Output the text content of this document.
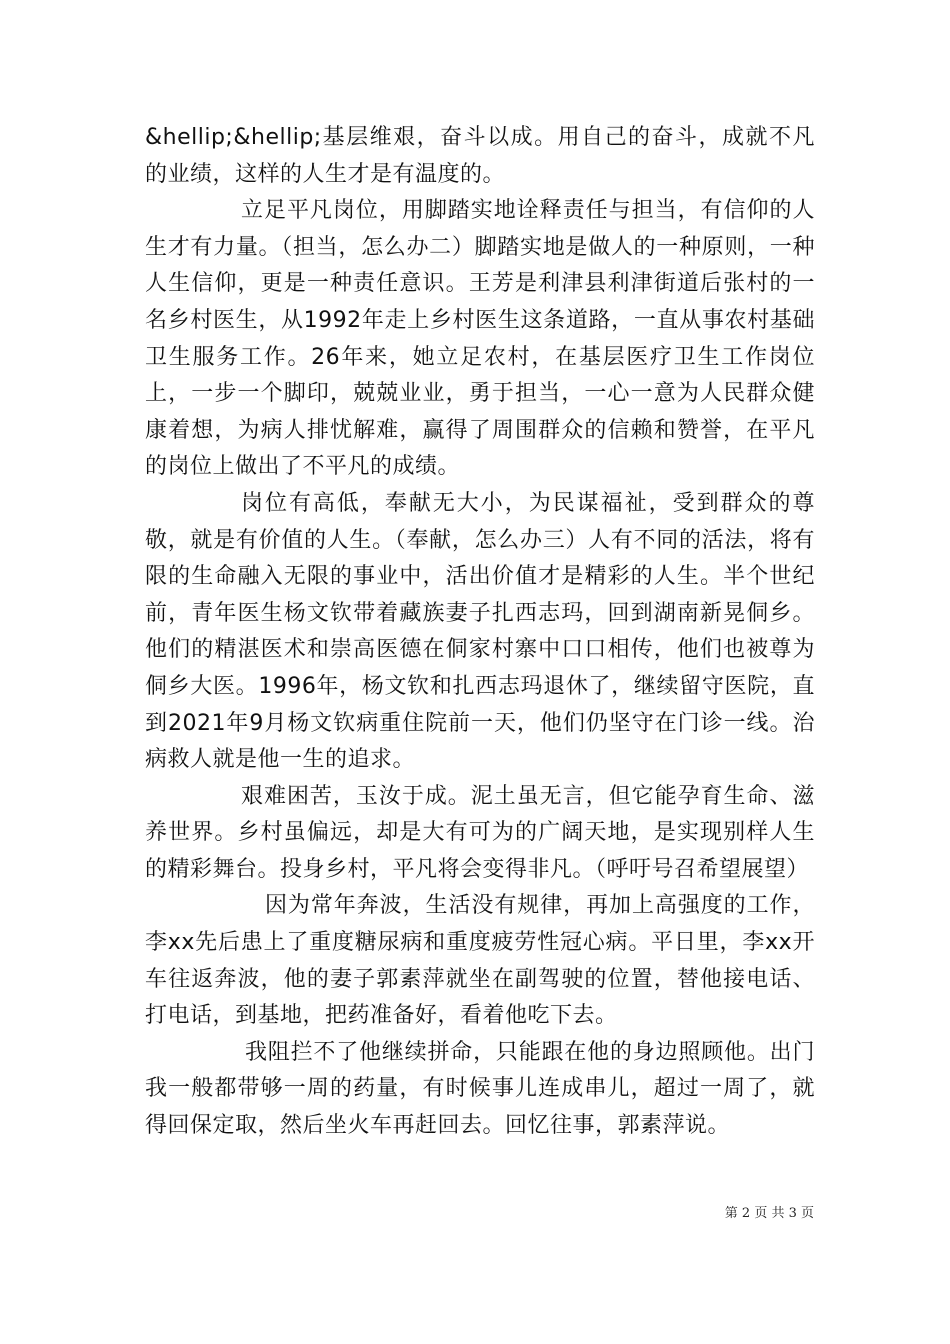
&hellip;&hellip;基层维艰，奋斗以成。用自己的奋斗，成就不凡的业绩，这样的人生才是有温度的。

立足平凡岗位，用脚踏实地诠释责任与担当，有信仰的人生才有力量。（担当，怎么办二）脚踏实地是做人的一种原则，一种人生信仰，更是一种责任意识。王芳是利津县利津街道后张村的一名乡村医生，从1992年走上乡村医生这条道路，一直从事农村基础卫生服务工作。26年来，她立足农村，在基层医疗卫生工作岗位上，一步一个脚印，兢兢业业，勇于担当，一心一意为人民群众健康着想，为病人排忧解难，赢得了周围群众的信赖和赞誉，在平凡的岗位上做出了不平凡的成绩。

岗位有高低，奉献无大小，为民谋福祉，受到群众的尊敬，就是有价值的人生。（奉献，怎么办三）人有不同的活法，将有限的生命融入无限的事业中，活出价值才是精彩的人生。半个世纪前，青年医生杨文钦带着藏族妻子扎西志玛，回到湖南新晃侗乡。他们的精湛医术和崇高医德在侗家村寨中口口相传，他们也被尊为侗乡大医。1996年，杨文钦和扎西志玛退休了，继续留守医院，直到2021年9月杨文钦病重住院前一天，他们仍坚守在门诊一线。治病救人就是他一生的追求。

艰难困苦，玉汝于成。泥土虽无言，但它能孕育生命、滋养世界。乡村虽偏远，却是大有可为的广阔天地，是实现别样人生的精彩舞台。投身乡村，平凡将会变得非凡。（呼吁号召希望展望）

因为常年奔波，生活没有规律，再加上高强度的工作，李xx先后患上了重度糖尿病和重度疲劳性冠心病。平日里，李xx开车往返奔波，他的妻子郭素萍就坐在副驾驶的位置，替他接电话、打电话，到基地，把药准备好，看着他吃下去。

我阻拦不了他继续拼命，只能跟在他的身边照顾他。出门我一般都带够一周的药量，有时候事儿连成串儿，超过一周了，就得回保定取，然后坐火车再赶回去。回忆往事，郭素萍说。

第 2 页 共 3 页
